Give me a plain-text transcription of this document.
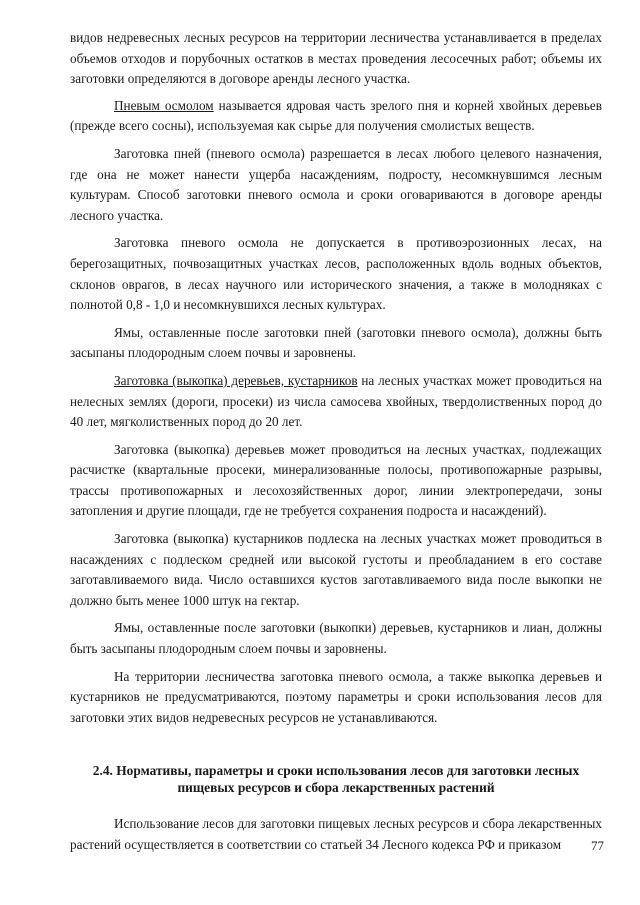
видов недревесных лесных ресурсов на территории лесничества устанавливается в пределах объемов отходов и порубочных остатков в местах проведения лесосечных работ; объемы их заготовки определяются в договоре аренды лесного участка.

Пневым осмолом называется ядровая часть зрелого пня и корней хвойных деревьев (прежде всего сосны), используемая как сырье для получения смолистых веществ.

Заготовка пней (пневого осмола) разрешается в лесах любого целевого назначения, где она не может нанести ущерба насаждениям, подросту, несомкнувшимся лесным культурам. Способ заготовки пневого осмола и сроки оговариваются в договоре аренды лесного участка.

Заготовка пневого осмола не допускается в противоэрозионных лесах, на берегозащитных, почвозащитных участках лесов, расположенных вдоль водных объектов, склонов оврагов, в лесах научного или исторического значения, а также в молодняках с полнотой 0,8 - 1,0 и несомкнувшихся лесных культурах.

Ямы, оставленные после заготовки пней (заготовки пневого осмола), должны быть засыпаны плодородным слоем почвы и заровнены.

Заготовка (выкопка) деревьев, кустарников на лесных участках может проводиться на нелесных землях (дороги, просеки) из числа самосева хвойных, твердолиственных пород до 40 лет, мягколиственных пород до 20 лет.

Заготовка (выкопка) деревьев может проводиться на лесных участках, подлежащих расчистке (квартальные просеки, минерализованные полосы, противопожарные разрывы, трассы противопожарных и лесохозяйственных дорог, линии электропередачи, зоны затопления и другие площади, где не требуется сохранения подроста и насаждений).

Заготовка (выкопка) кустарников подлеска на лесных участках может проводиться в насаждениях с подлеском средней или высокой густоты и преобладанием в его составе заготавливаемого вида. Число оставшихся кустов заготавливаемого вида после выкопки не должно быть менее 1000 штук на гектар.

Ямы, оставленные после заготовки (выкопки) деревьев, кустарников и лиан, должны быть засыпаны плодородным слоем почвы и заровнены.

На территории лесничества заготовка пневого осмола, а также выкопка деревьев и кустарников не предусматриваются, поэтому параметры и сроки использования лесов для заготовки этих видов недревесных ресурсов не устанавливаются.

2.4. Нормативы, параметры и сроки использования лесов для заготовки лесных
пищевых ресурсов и сбора лекарственных растений

Использование лесов для заготовки пищевых лесных ресурсов и сбора лекарственных растений осуществляется в соответствии со статьей 34 Лесного кодекса РФ и приказом	77
